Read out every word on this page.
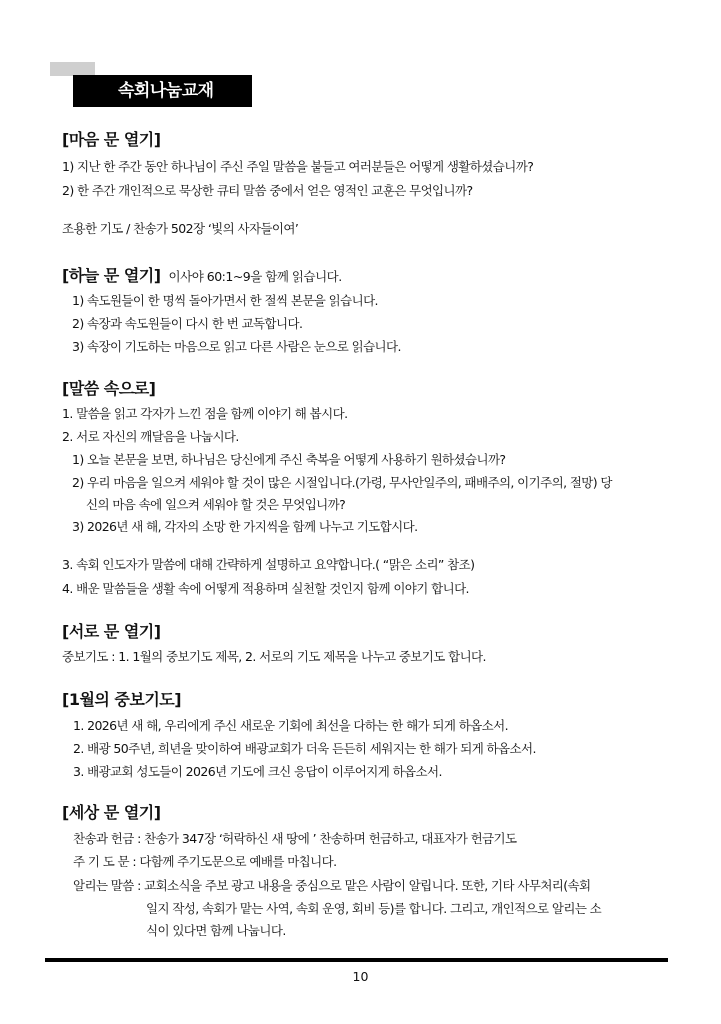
속회나눔교재
[마음 문 열기]
1) 지난 한 주간 동안 하나님이 주신 주일 말씀을 붙들고 여러분들은 어떻게 생활하셨습니까?
2) 한 주간 개인적으로 묵상한 큐티 말씀 중에서 얻은 영적인 교훈은 무엇입니까?
조용한 기도 / 찬송가 502장 ‘빛의 사자들이여’
[하늘 문 열기] 이사야 60:1~9을 함께 읽습니다.
1) 속도원들이 한 명씩 돌아가면서 한 절씩 본문을 읽습니다.
2) 속장과 속도원들이 다시 한 번 교독합니다.
3) 속장이 기도하는 마음으로 읽고 다른 사람은 눈으로 읽습니다.
[말씀 속으로]
1. 말씀을 읽고 각자가 느낀 점을 함께 이야기 해 봅시다.
2. 서로 자신의 깨달음을 나눕시다.
1) 오늘 본문을 보면, 하나님은 당신에게 주신 축복을 어떻게 사용하기 원하셨습니까?
2) 우리 마음을 일으켜 세워야 할 것이 많은 시절입니다.(가령, 무사안일주의, 패배주의, 이기주의, 절망) 당
신의 마음 속에 일으켜 세워야 할 것은 무엇입니까?
3) 2026년 새 해, 각자의 소망 한 가지씩을 함께 나누고 기도합시다.
3. 속회 인도자가 말씀에 대해 간략하게 설명하고 요약합니다.( “맑은 소리” 참조)
4. 배운 말씀들을 생활 속에 어떻게 적용하며 실천할 것인지 함께 이야기 합니다.
[서로 문 열기]
중보기도 : 1. 1월의 중보기도 제목, 2. 서로의 기도 제목을 나누고 중보기도 합니다.
[1월의 중보기도]
1. 2026년 새 해, 우리에게 주신 새로운 기회에 최선을 다하는 한 해가 되게 하옵소서.
2. 배광 50주년, 희년을 맞이하여 배광교회가 더욱 든든히 세워지는 한 해가 되게 하옵소서.
3. 배광교회 성도들이 2026년 기도에 크신 응답이 이루어지게 하옵소서.
[세상 문 열기]
찬송과 헌금 : 찬송가 347장 ‘허락하신 새 땅에 ’ 찬송하며 헌금하고, 대표자가 헌금기도
주 기 도 문 : 다함께 주기도문으로 예배를 마칩니다.
알리는 말씀 : 교회소식을 주보 광고 내용을 중심으로 맡은 사람이 알립니다. 또한, 기타 사무처리(속회
일지 작성, 속회가 맡는 사역, 속회 운영, 회비 등)를 합니다. 그리고, 개인적으로 알리는 소
식이 있다면 함께 나눕니다.
10
